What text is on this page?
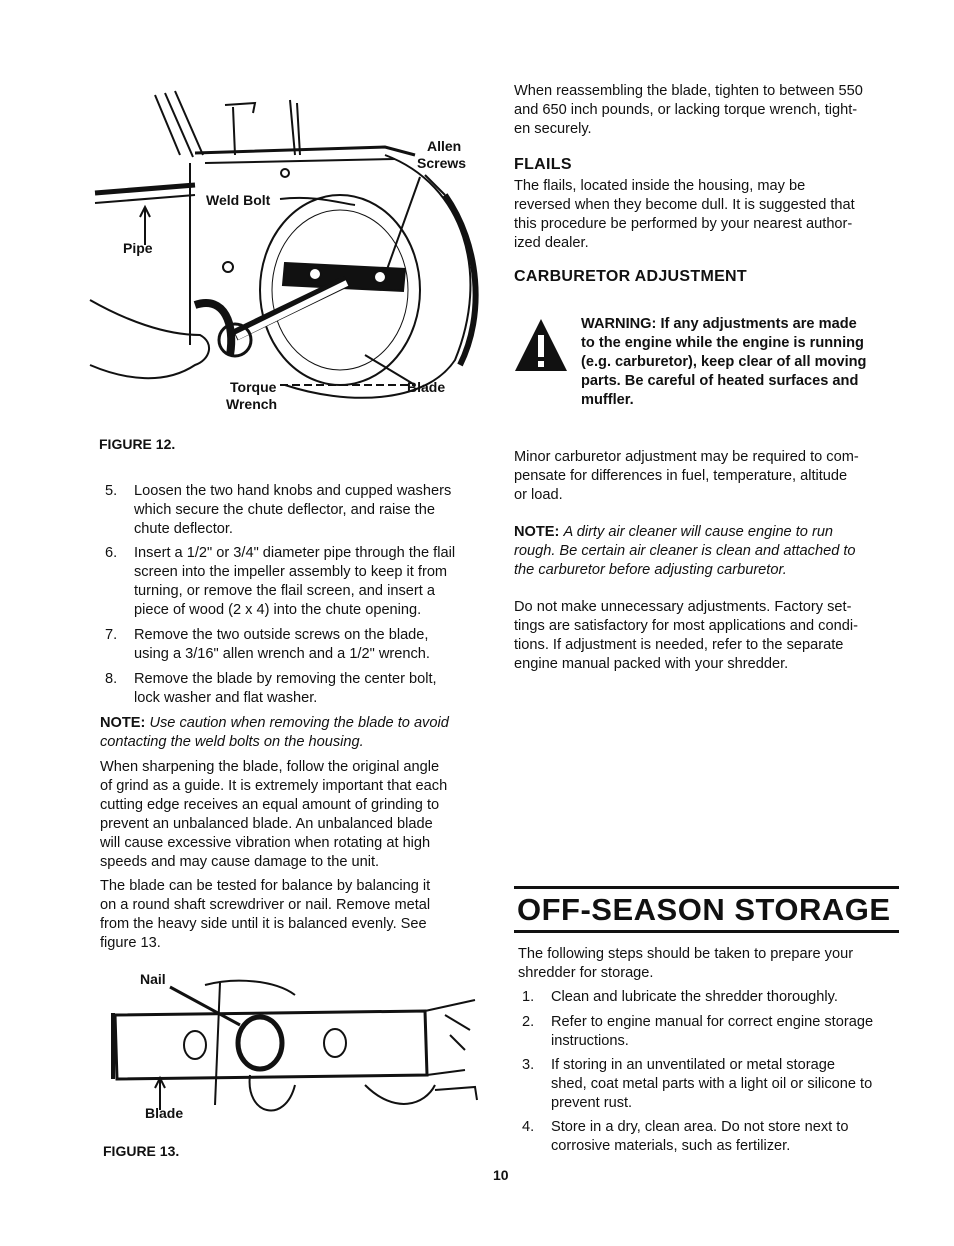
Allen
Screws
Weld Bolt
Pipe
Torque
Wrench
Blade
FIGURE 12.
5. Loosen the two hand knobs and cupped washers
which secure the chute deflector, and raise the
chute deflector.
6. Insert a 1/2" or 3/4" diameter pipe through the flail
screen into the impeller assembly to keep it from
turning, or remove the flail screen, and insert a
piece of wood (2 x 4) into the chute opening.
7. Remove the two outside screws on the blade,
using a 3/16" allen wrench and a 1/2" wrench.
8. Remove the blade by removing the center bolt,
lock washer and flat washer.
NOTE: Use caution when removing the blade to avoid
contacting the weld bolts on the housing.
When sharpening the blade, follow the original angle
of grind as a guide. It is extremely important that each
cutting edge receives an equal amount of grinding to
prevent an unbalanced blade. An unbalanced blade
will cause excessive vibration when rotating at high
speeds and may cause damage to the unit.
The blade can be tested for balance by balancing it
on a round shaft screwdriver or nail. Remove metal
from the heavy side until it is balanced evenly. See
figure 13.
Nail
Blade
FIGURE 13.
When reassembling the blade, tighten to between 550
and 650 inch pounds, or lacking torque wrench, tight-
en securely.
FLAILS
The flails, located inside the housing, may be
reversed when they become dull. It is suggested that
this procedure be performed by your nearest author-
ized dealer.
CARBURETOR ADJUSTMENT
WARNING: If any adjustments are made
to the engine while the engine is running
(e.g. carburetor), keep clear of all moving
parts. Be careful of heated surfaces and
muffler.
Minor carburetor adjustment may be required to com-
pensate for differences in fuel, temperature, altitude
or load.
NOTE: A dirty air cleaner will cause engine to run
rough. Be certain air cleaner is clean and attached to
the carburetor before adjusting carburetor.
Do not make unnecessary adjustments. Factory set-
tings are satisfactory for most applications and condi-
tions. If adjustment is needed, refer to the separate
engine manual packed with your shredder.
OFF-SEASON STORAGE
The following steps should be taken to prepare your
shredder for storage.
1. Clean and lubricate the shredder thoroughly.
2. Refer to engine manual for correct engine storage
instructions.
3. If storing in an unventilated or metal storage
shed, coat metal parts with a light oil or silicone to
prevent rust.
4. Store in a dry, clean area. Do not store next to
corrosive materials, such as fertilizer.
10
